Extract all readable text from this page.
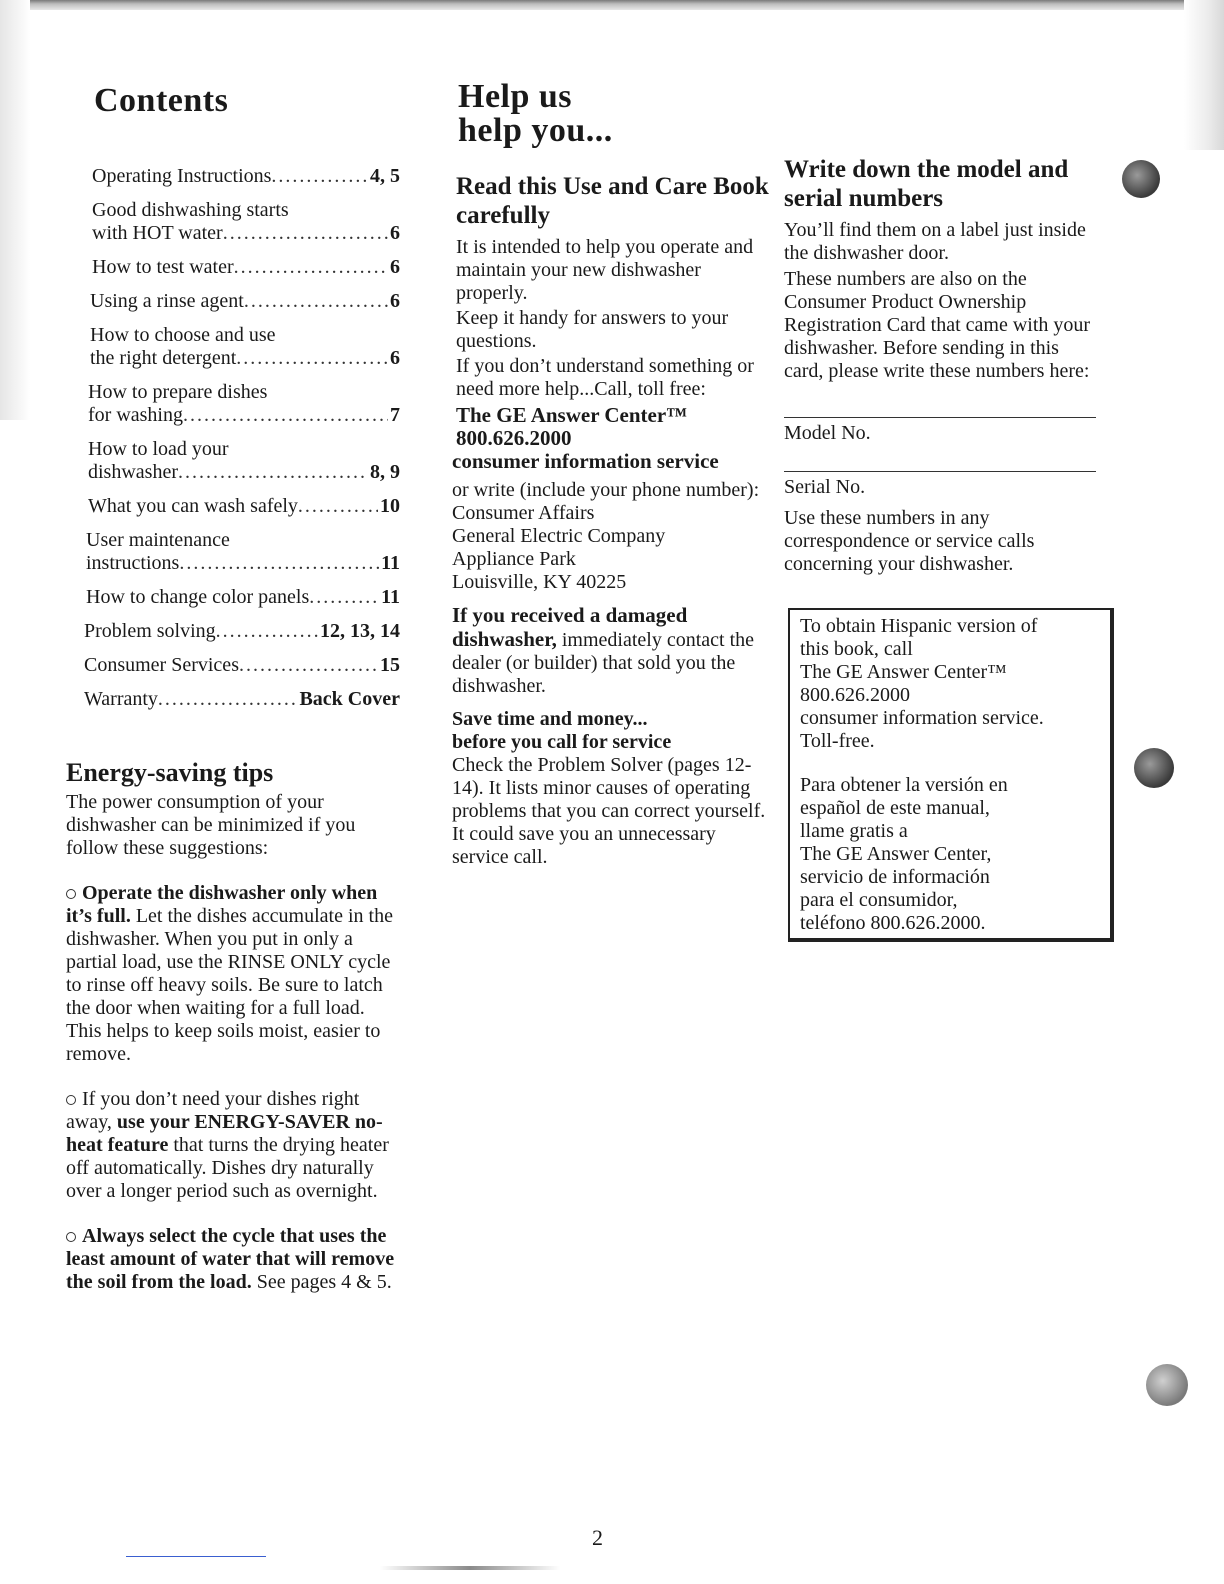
Contents
Operating Instructions .....	4, 5
Good dishwashing starts
with HOT water .....	6
How to test water .....	6
Using a rinse agent .....	6
How to choose and use
the right detergent .....	6
How to prepare dishes
for washing .....	7
How to load your
dishwasher .....	8, 9
What you can wash safely .....	10
User maintenance
instructions .....	11
How to change color panels .....	11
Problem solving .....	12, 13, 14
Consumer Services .....	15
Warranty .....	Back Cover
Energy-saving tips

The power consumption of your dishwasher can be minimized if you follow these suggestions:

Operate the dishwasher only when it’s full. Let the dishes accumulate in the dishwasher. When you put in only a partial load, use the RINSE ONLY cycle to rinse off heavy soils. Be sure to latch the door when waiting for a full load. This helps to keep soils moist, easier to remove.

If you don’t need your dishes right away, use your ENERGY-SAVER no-heat feature that turns the drying heater off automatically. Dishes dry naturally over a longer period such as overnight.

Always select the cycle that uses the least amount of water that will remove the soil from the load. See pages 4 & 5.

Help us
help you...
Read this Use and Care Book carefully

It is intended to help you operate and maintain your new dishwasher properly.

Keep it handy for answers to your questions.

If you don’t understand something or need more help...Call, toll free:

The GE Answer Center™

800.626.2000

consumer information service

or write (include your phone number):

Consumer Affairs

General Electric Company

Appliance Park

Louisville, KY 40225

If you received a damaged dishwasher, immediately contact the dealer (or builder) that sold you the dishwasher.

Save time and money...

before you call for service

Check the Problem Solver (pages 12-14). It lists minor causes of operating problems that you can correct yourself. It could save you an unnecessary service call.

Write down the model and serial numbers

You’ll find them on a label just inside the dishwasher door.

These numbers are also on the Consumer Product Ownership Registration Card that came with your dishwasher. Before sending in this card, please write these numbers here:

Model No.
Serial No.

Use these numbers in any correspondence or service calls concerning your dishwasher.

To obtain Hispanic version of

this book, call

The GE Answer Center™

800.626.2000

consumer information service.

Toll-free.

Para obtener la versión en

español de este manual,

llame gratis a

The GE Answer Center,

servicio de información

para el consumidor,

teléfono 800.626.2000.

2
